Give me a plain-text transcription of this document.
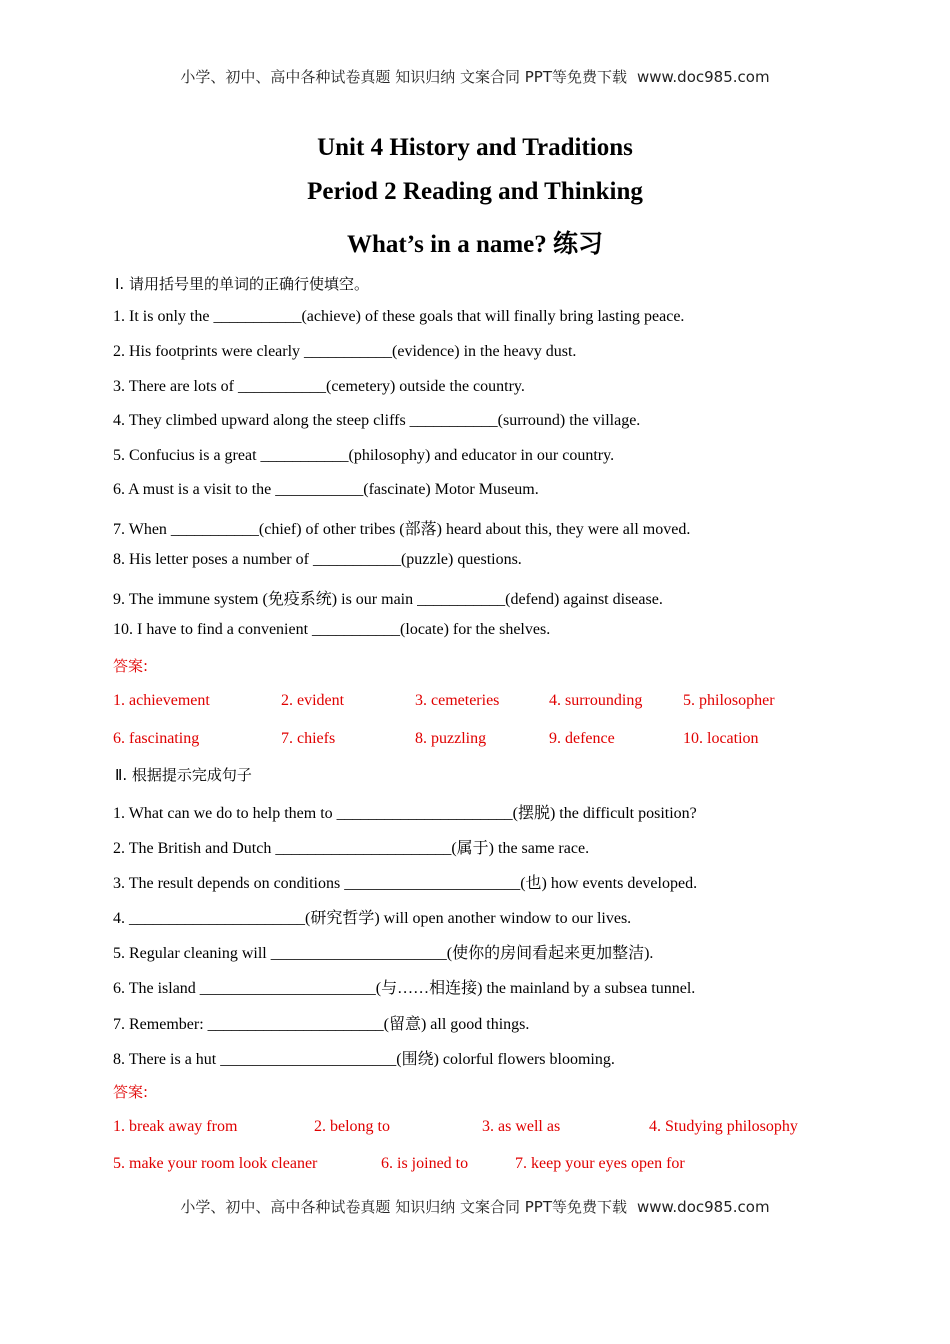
小学、初中、高中各种试卷真题 知识归纳 文案合同 PPT等免费下载 www.doc985.com
Unit 4 History and Traditions
Period 2 Reading and Thinking
What’s in a name? 练习
Ⅰ. 请用括号里的单词的正确行使填空。
1. It is only the ___________(achieve) of these goals that will finally bring lasting peace.
2. His footprints were clearly ___________(evidence) in the heavy dust.
3. There are lots of ___________(cemetery) outside the country.
4. They climbed upward along the steep cliffs ___________(surround) the village.
5. Confucius is a great ___________(philosophy) and educator in our country.
6. A must is a visit to the ___________(fascinate) Motor Museum.
7. When ___________(chief) of other tribes (部落) heard about this, they were all moved.
8. His letter poses a number of ___________(puzzle) questions.
9. The immune system (免疫系统) is our main ___________(defend) against disease.
10. I have to find a convenient ___________(locate) for the shelves.
答案:
1. achievement	2. evident	3. cemeteries	4. surrounding	5. philosopher
6. fascinating	7. chiefs	8. puzzling	9. defence	10. location
Ⅱ. 根据提示完成句子
1. What can we do to help them to ______________________(摆脱) the difficult position?
2. The British and Dutch ______________________(属于) the same race.
3. The result depends on conditions ______________________(也) how events developed.
4. ______________________(研究哲学) will open another window to our lives.
5. Regular cleaning will ______________________(使你的房间看起来更加整洁).
6. The island ______________________(与……相连接) the mainland by a subsea tunnel.
7. Remember: ______________________(留意) all good things.
8. There is a hut ______________________(围绕) colorful flowers blooming.
答案:
1. break away from	2. belong to	3. as well as	4. Studying philosophy
5. make your room look cleaner	6. is joined to	7. keep your eyes open for
小学、初中、高中各种试卷真题 知识归纳 文案合同 PPT等免费下载 www.doc985.com
